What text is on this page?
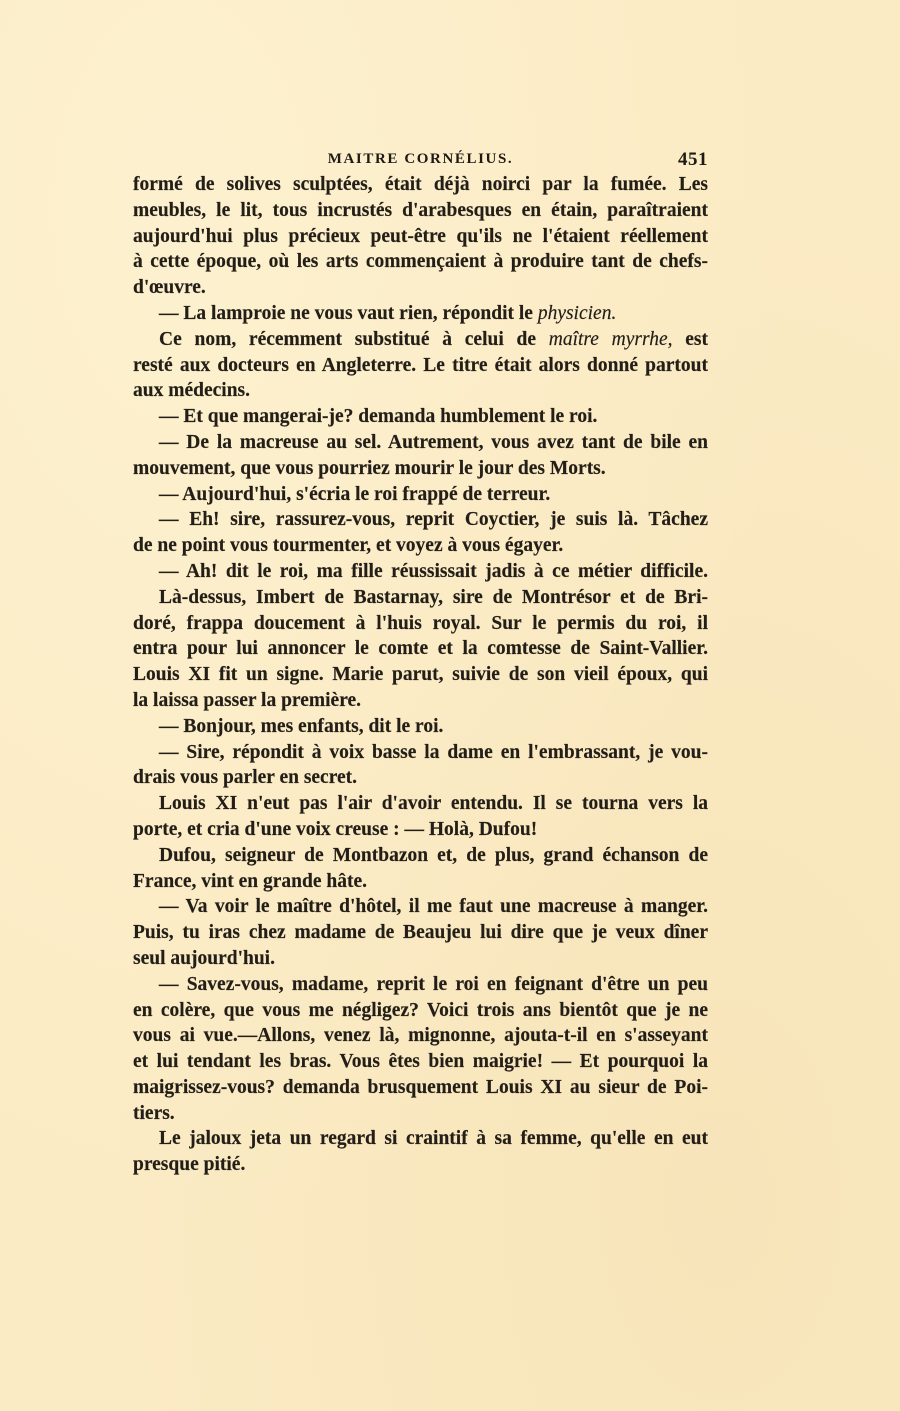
MAITRE CORNÉLIUS.	451
formé de solives sculptées, était déjà noirci par la fumée. Les
meubles, le lit, tous incrustés d'arabesques en étain, paraîtraient
aujourd'hui plus précieux peut-être qu'ils ne l'étaient réellement
à cette époque, où les arts commençaient à produire tant de chefs-
d'œuvre.
— La lamproie ne vous vaut rien, répondit le physicien.
Ce nom, récemment substitué à celui de maître myrrhe, est
resté aux docteurs en Angleterre. Le titre était alors donné partout
aux médecins.
— Et que mangerai-je? demanda humblement le roi.
— De la macreuse au sel. Autrement, vous avez tant de bile en
mouvement, que vous pourriez mourir le jour des Morts.
— Aujourd'hui, s'écria le roi frappé de terreur.
— Eh! sire, rassurez-vous, reprit Coyctier, je suis là. Tâchez
de ne point vous tourmenter, et voyez à vous égayer.
— Ah! dit le roi, ma fille réussissait jadis à ce métier difficile.
Là-dessus, Imbert de Bastarnay, sire de Montrésor et de Bri-
doré, frappa doucement à l'huis royal. Sur le permis du roi, il
entra pour lui annoncer le comte et la comtesse de Saint-Vallier.
Louis XI fit un signe. Marie parut, suivie de son vieil époux, qui
la laissa passer la première.
— Bonjour, mes enfants, dit le roi.
— Sire, répondit à voix basse la dame en l'embrassant, je vou-
drais vous parler en secret.
Louis XI n'eut pas l'air d'avoir entendu. Il se tourna vers la
porte, et cria d'une voix creuse : — Holà, Dufou!
Dufou, seigneur de Montbazon et, de plus, grand échanson de
France, vint en grande hâte.
— Va voir le maître d'hôtel, il me faut une macreuse à manger.
Puis, tu iras chez madame de Beaujeu lui dire que je veux dîner
seul aujourd'hui.
— Savez-vous, madame, reprit le roi en feignant d'être un peu
en colère, que vous me négligez? Voici trois ans bientôt que je ne
vous ai vue.—Allons, venez là, mignonne, ajouta-t-il en s'asseyant
et lui tendant les bras. Vous êtes bien maigrie! — Et pourquoi la
maigrissez-vous? demanda brusquement Louis XI au sieur de Poi-
tiers.
Le jaloux jeta un regard si craintif à sa femme, qu'elle en eut
presque pitié.
